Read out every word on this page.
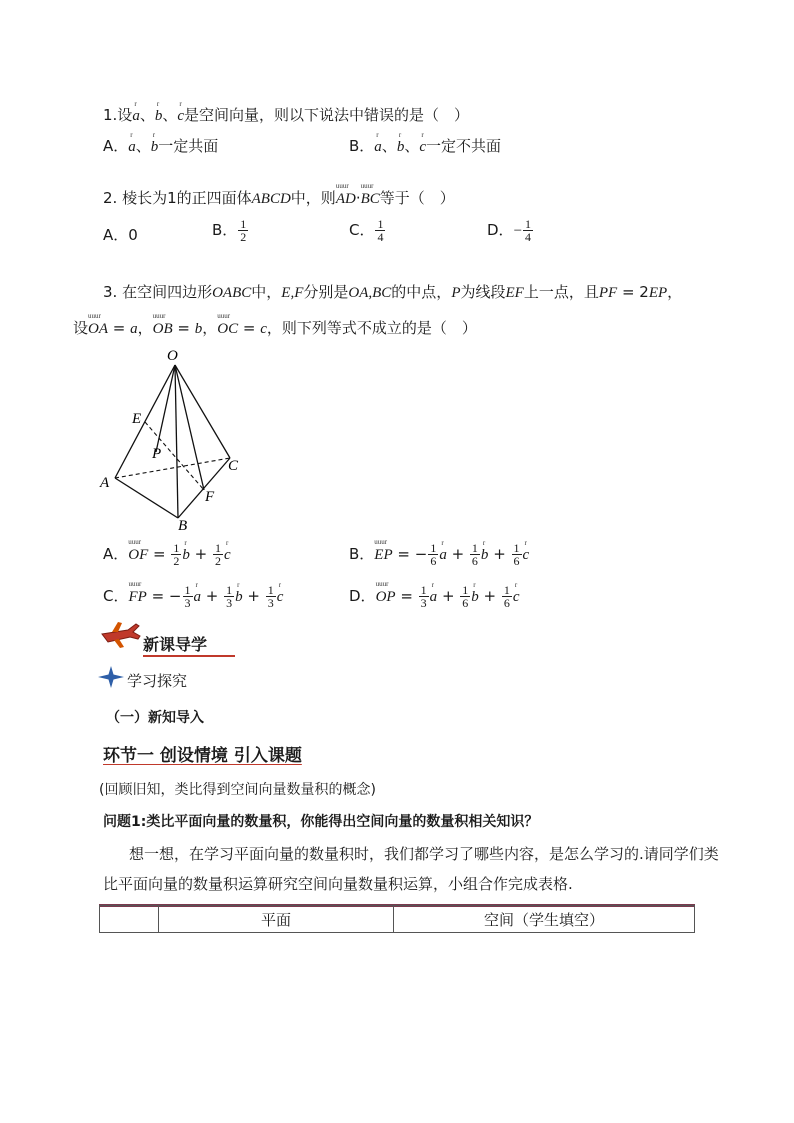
1.设r a、r b、r c是空间向量，则以下说法中错误的是（　）
A．r a、r b一定共面	B．r a、r b、r c一定不共面
2. 棱长为1的正四面体ABCD中，则uuur AD·uuur BC等于（　）
A．0	B． $\frac{1}{2}$	C． $\frac{1}{4}$	D．− $\frac{1}{4}$
3. 在空间四边形OABC中，E,F分别是OA,BC的中点，P为线段EF上一点，且PF = 2EP，
设uuur OA = a，uuur OB = b，uuur OC = c，则下列等式不成立的是（　）
O
E
P
C
A
F
B
A．uuur OF = $\frac{1}{2}$ r $b + \frac{1}{2}$ r c	B．uuur EP = − $\frac{1}{6}$ r $a + \frac{1}{6}$ r $b + \frac{1}{6}$ r c
C．uuur FP = − $\frac{1}{3}$ r $a + \frac{1}{3}$ r $b + \frac{1}{3}$ r c	D．uuur OP = $\frac{1}{3}$ r $a + \frac{1}{6}$ r $b + \frac{1}{6}$ r c
新课导学
学习探究
（一）新知导入
环节一 创设情境 引入课题
(回顾旧知，类比得到空间向量数量积的概念)
问题1:类比平面向量的数量积，你能得出空间向量的数量积相关知识？
想一想，在学习平面向量的数量积时，我们都学习了哪些内容，是怎么学习的.请同学们类
比平面向量的数量积运算研究空间向量数量积运算，小组合作完成表格.
	平面	空间（学生填空）
